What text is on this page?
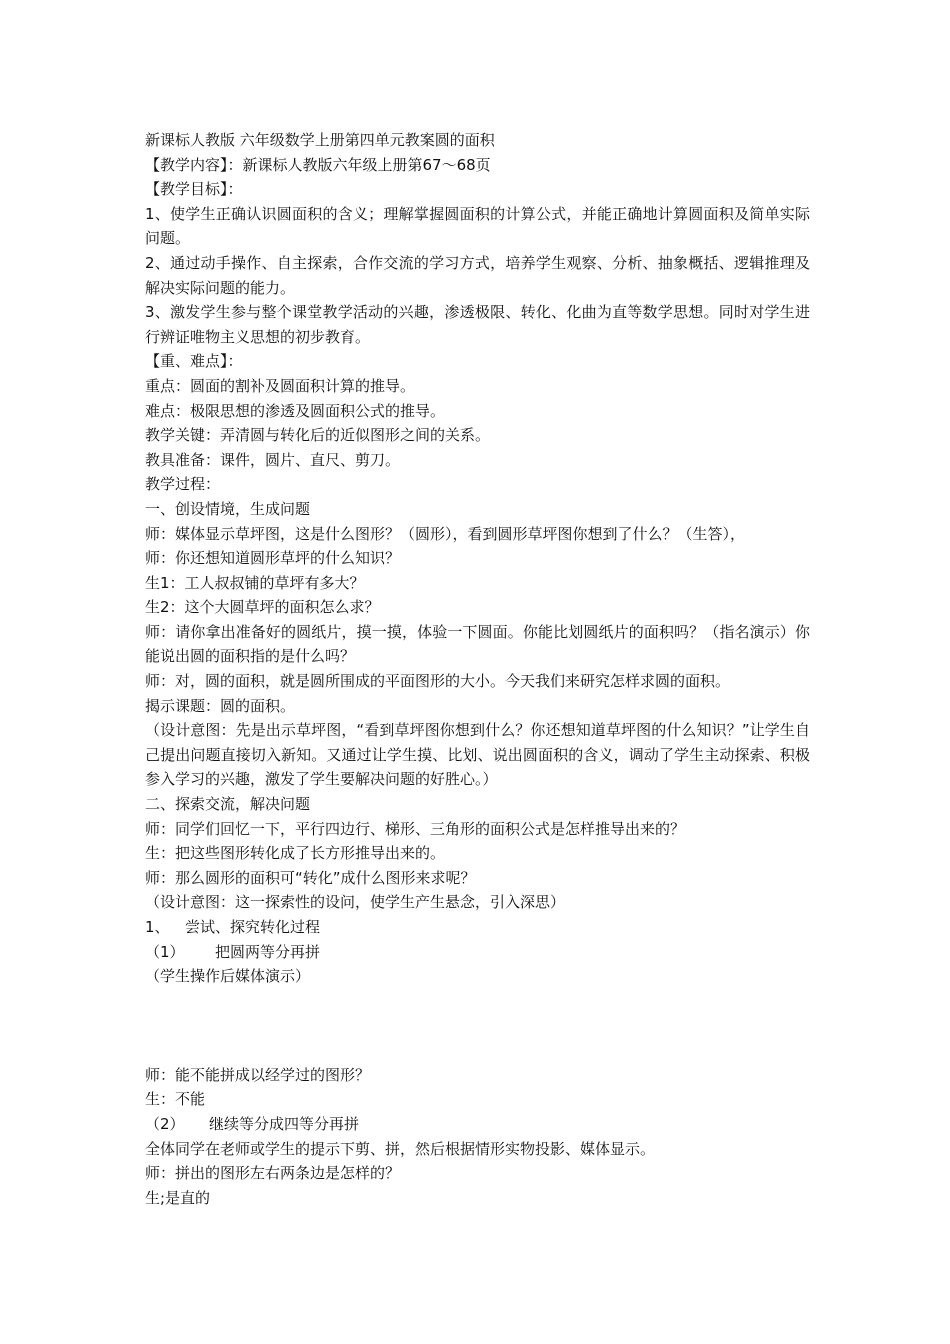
新课标人教版 六年级数学上册第四单元教案圆的面积

【教学内容】：新课标人教版六年级上册第67～68页

【教学目标】：

1、使学生正确认识圆面积的含义；理解掌握圆面积的计算公式，并能正确地计算圆面积及简单实际问题。

2、通过动手操作、自主探索，合作交流的学习方式，培养学生观察、分析、抽象概括、逻辑推理及解决实际问题的能力。

3、激发学生参与整个课堂教学活动的兴趣，渗透极限、转化、化曲为直等数学思想。同时对学生进行辨证唯物主义思想的初步教育。

【重、难点】：

重点：圆面的割补及圆面积计算的推导。

难点：极限思想的渗透及圆面积公式的推导。

教学关键：弄清圆与转化后的近似图形之间的关系。

教具准备：课件，圆片、直尺、剪刀。

教学过程：

一、创设情境，生成问题

师：媒体显示草坪图，这是什么图形？（圆形），看到圆形草坪图你想到了什么？（生答），

师：你还想知道圆形草坪的什么知识？

生1：工人叔叔铺的草坪有多大？

生2：这个大圆草坪的面积怎么求？

师：请你拿出准备好的圆纸片，摸一摸，体验一下圆面。你能比划圆纸片的面积吗？（指名演示）你能说出圆的面积指的是什么吗？

师：对，圆的面积，就是圆所围成的平面图形的大小。今天我们来研究怎样求圆的面积。

揭示课题：圆的面积。

（设计意图：先是出示草坪图，“看到草坪图你想到什么？你还想知道草坪图的什么知识？”让学生自己提出问题直接切入新知。又通过让学生摸、比划、说出圆面积的含义，调动了学生主动探索、积极参入学习的兴趣，激发了学生要解决问题的好胜心。）

二、探索交流，解决问题

师：同学们回忆一下，平行四边行、梯形、三角形的面积公式是怎样推导出来的？

生：把这些图形转化成了长方形推导出来的。

师：那么圆形的面积可“转化”成什么图形来求呢？

（设计意图：这一探索性的设问，使学生产生悬念，引入深思）

1、 尝试、探究转化过程

（1） 把圆两等分再拼

（学生操作后媒体演示）

师：能不能拼成以经学过的图形？

生：不能

（2） 继续等分成四等分再拼

全体同学在老师或学生的提示下剪、拼，然后根据情形实物投影、媒体显示。

师：拼出的图形左右两条边是怎样的？

生;是直的
